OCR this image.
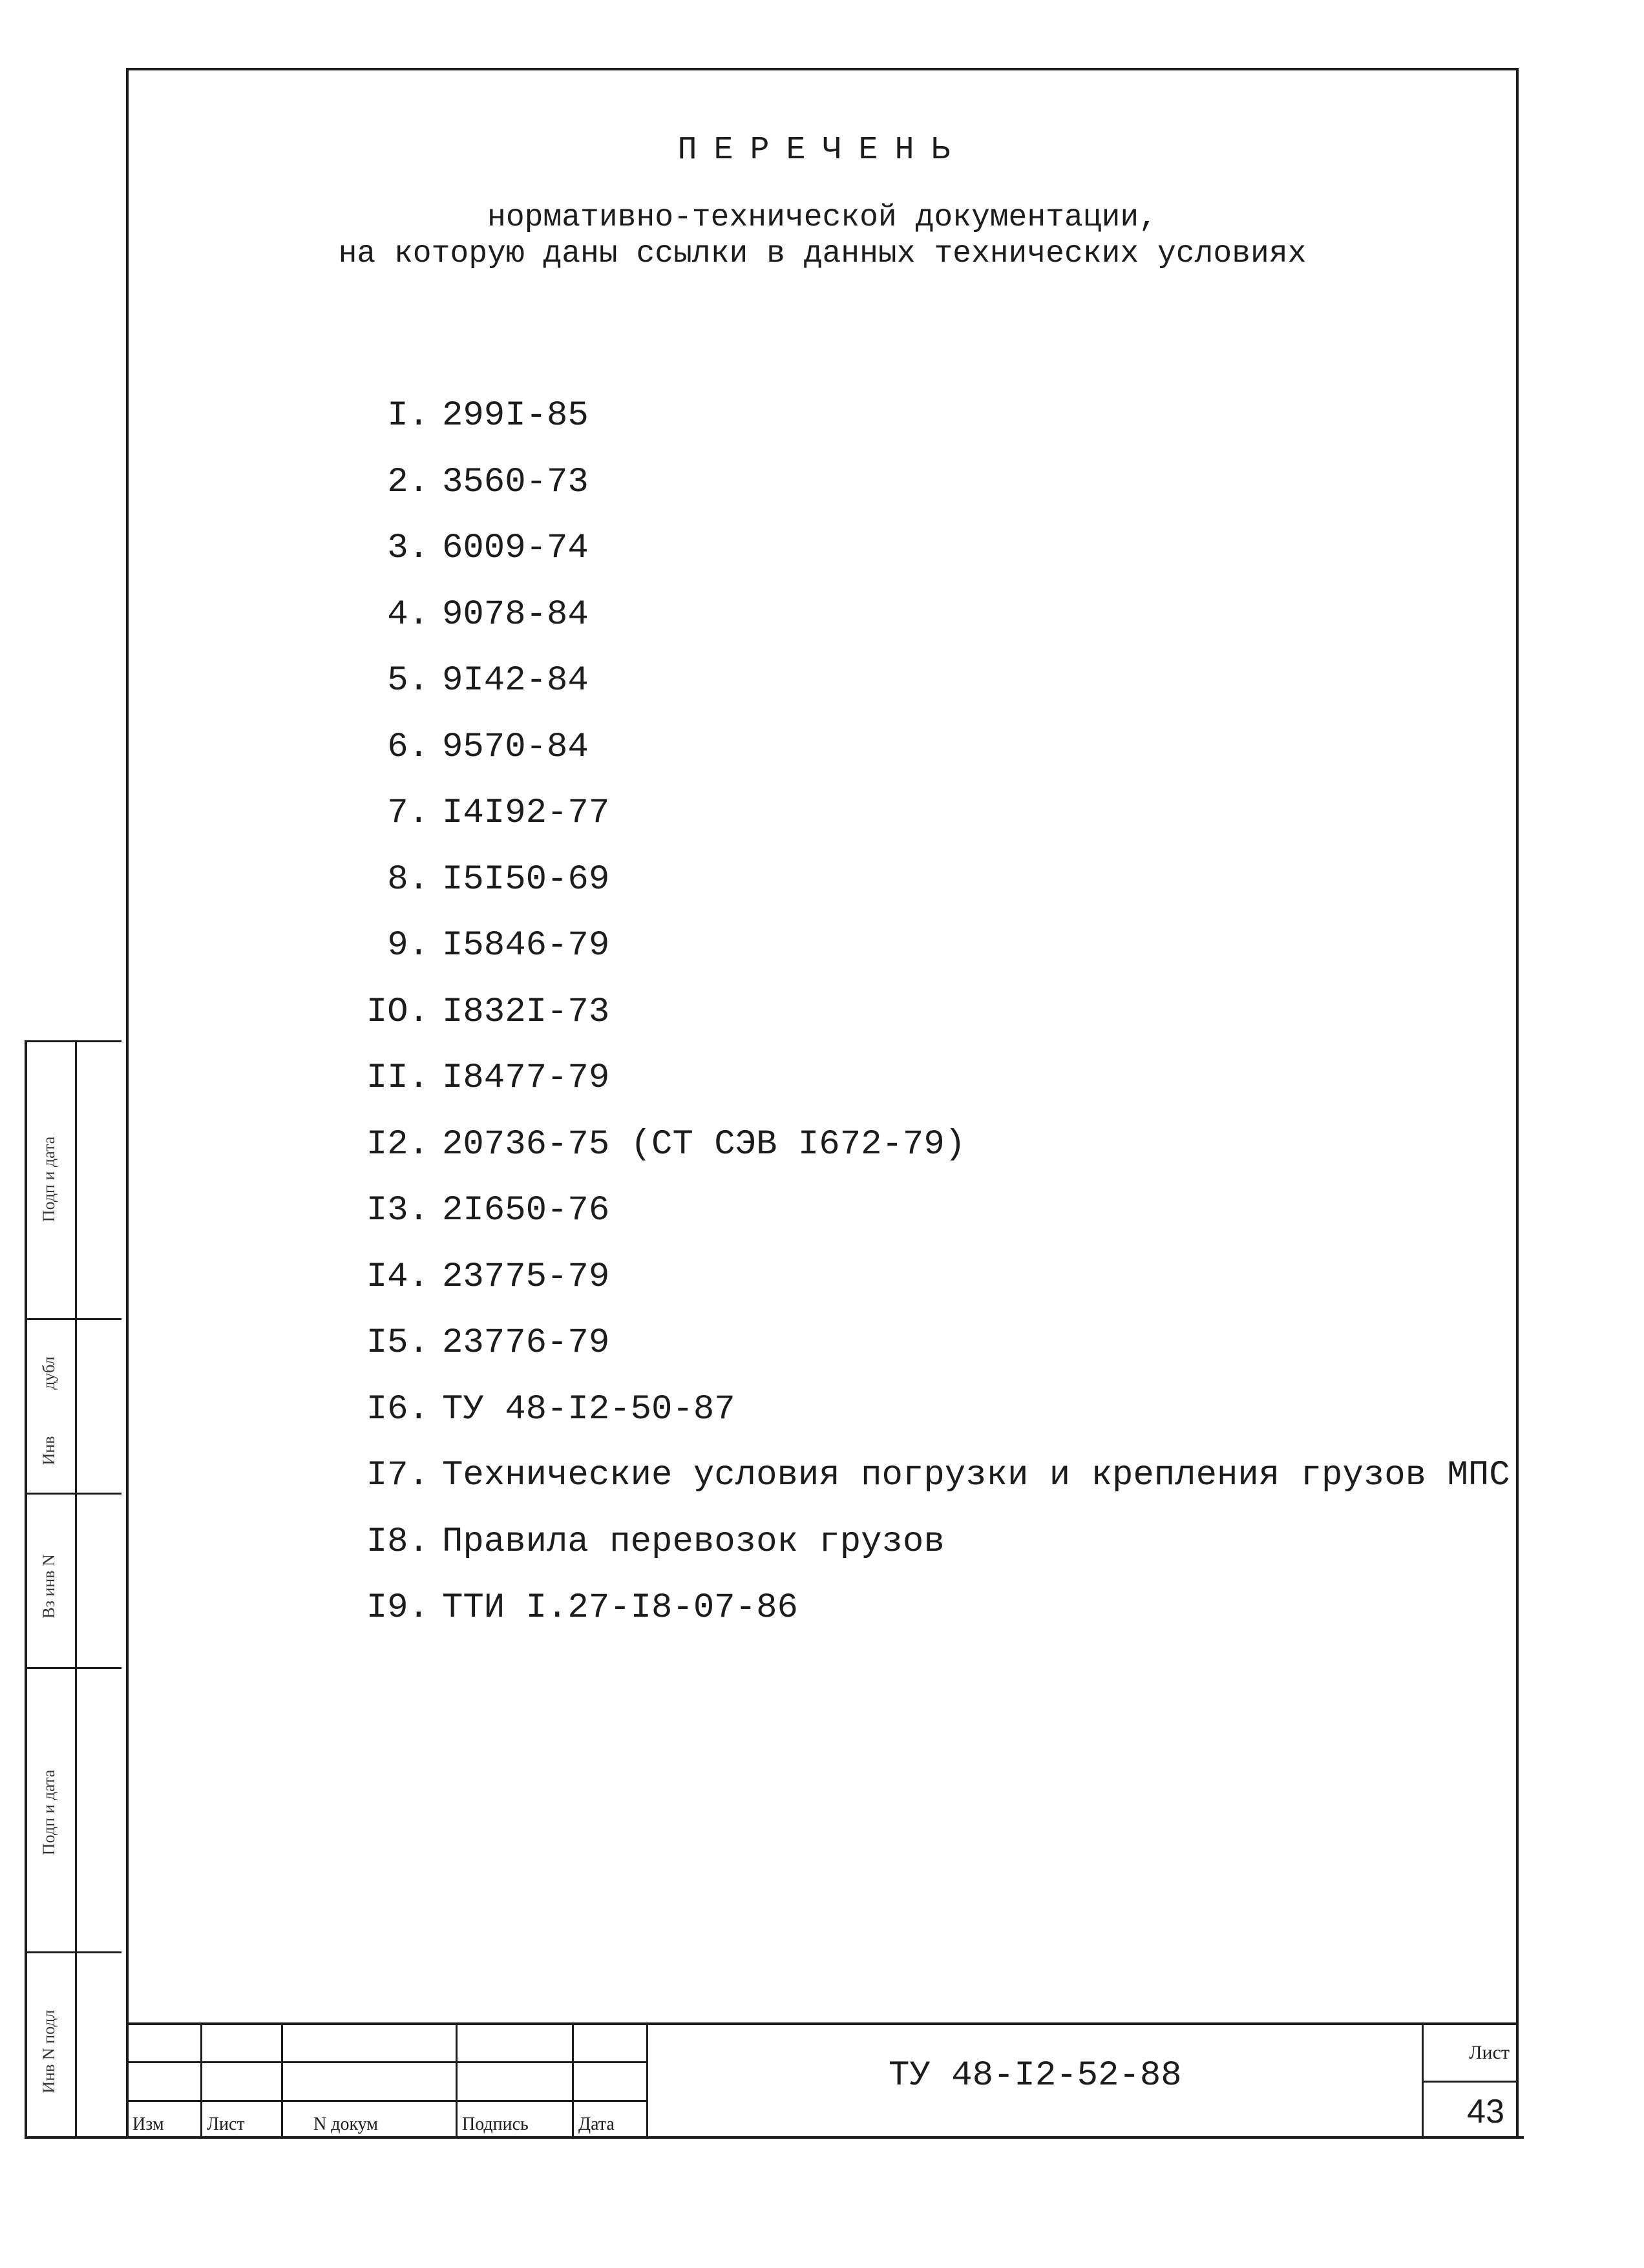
ПЕРЕЧЕНЬ
нормативно-технической документации,
на которую даны ссылки в данных технических условиях
I. 299I-85
2. 3560-73
3. 6009-74
4. 9078-84
5. 9I42-84
6. 9570-84
7. I4I92-77
8. I5I50-69
9. I5846-79
IO. I832I-73
II. I8477-79
I2. 20736-75 (СТ СЭВ I672-79)
I3. 2I650-76
I4. 23775-79
I5. 23776-79
I6. ТУ 48-I2-50-87
I7. Технические условия погрузки и крепления грузов МПС
I8. Правила перевозок грузов
I9. ТТИ I.27-I8-07-86
Подп и дата
дубл
Инв
Вз инв N
Подп и дата
Инв N подл
Изм Лист	N докум	Подпись	Дата
ТУ 48-I2-52-88
Лист
43
